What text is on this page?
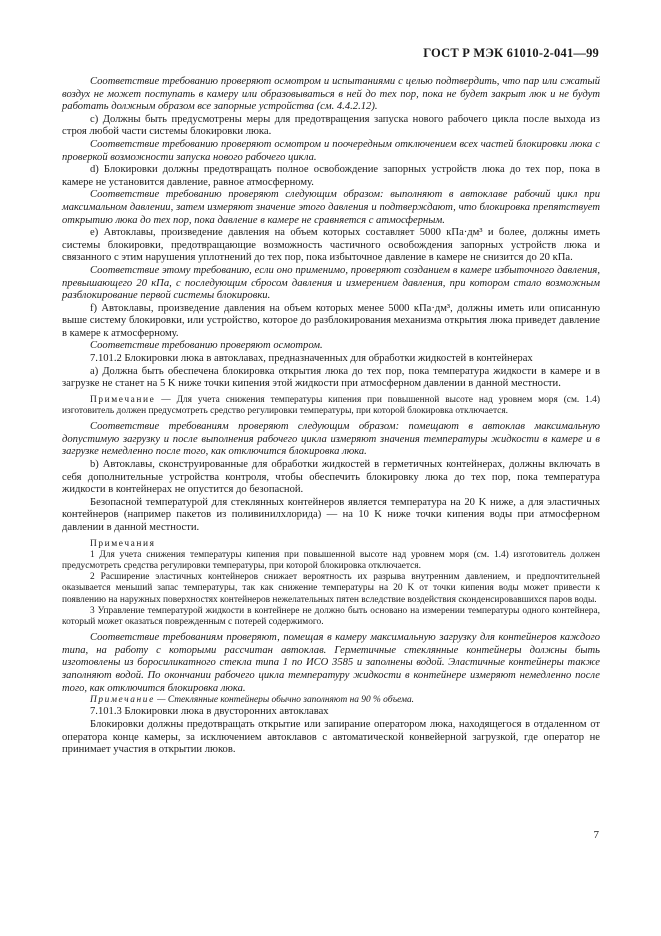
ГОСТ Р МЭК 61010-2-041—99

Соответствие требованию проверяют осмотром и испытаниями с целью подтвердить, что пар или сжатый воздух не может поступать в камеру или образовываться в ней до тех пор, пока не будет закрыт люк и не будут работать должным образом все запорные устройства (см. 4.4.2.12).

с) Должны быть предусмотрены меры для предотвращения запуска нового рабочего цикла после выхода из строя любой части системы блокировки люка.

Соответствие требованию проверяют осмотром и поочередным отключением всех частей блокировки люка с проверкой возможности запуска нового рабочего цикла.

d) Блокировки должны предотвращать полное освобождение запорных устройств люка до тех пор, пока в камере не установится давление, равное атмосферному.

Соответствие требованию проверяют следующим образом: выполняют в автоклаве рабочий цикл при максимальном давлении, затем измеряют значение этого давления и подтверждают, что блокировка препятствует открытию люка до тех пор, пока давление в камере не сравняется с атмосферным.

е) Автоклавы, произведение давления на объем которых составляет 5000 кПа·дм³ и более, должны иметь системы блокировки, предотвращающие возможность частичного освобождения запорных устройств люка и связанного с этим нарушения уплотнений до тех пор, пока избыточное давление в камере не снизится до 20 кПа.

Соответствие этому требованию, если оно применимо, проверяют созданием в камере избыточного давления, превышающего 20 кПа, с последующим сбросом давления и измерением давления, при котором стало возможным разблокирование первой системы блокировки.

f) Автоклавы, произведение давления на объем которых менее 5000 кПа·дм³, должны иметь или описанную выше систему блокировки, или устройство, которое до разблокирования механизма открытия люка приведет давление в камере к атмосферному.

Соответствие требованию проверяют осмотром.

7.101.2 Блокировки люка в автоклавах, предназначенных для обработки жидкостей в контейнерах

а) Должна быть обеспечена блокировка открытия люка до тех пор, пока температура жидкости в камере и в загрузке не станет на 5 K ниже точки кипения этой жидкости при атмосферном давлении в данной местности.

Примечание — Для учета снижения температуры кипения при повышенной высоте над уровнем моря (см. 1.4) изготовитель должен предусмотреть средство регулировки температуры, при которой блокировка отключается.

Соответствие требованиям проверяют следующим образом: помещают в автоклав максимальную допустимую загрузку и после выполнения рабочего цикла измеряют значения температуры жидкости в камере и в загрузке немедленно после того, как отключится блокировка люка.

b) Автоклавы, сконструированные для обработки жидкостей в герметичных контейнерах, должны включать в себя дополнительные устройства контроля, чтобы обеспечить блокировку люка до тех пор, пока температура жидкости в контейнерах не опустится до безопасной.

Безопасной температурой для стеклянных контейнеров является температура на 20 K ниже, а для эластичных контейнеров (например пакетов из поливинилхлорида) — на 10 K ниже точки кипения воды при атмосферном давлении в данной местности.

Примечания

1 Для учета снижения температуры кипения при повышенной высоте над уровнем моря (см. 1.4) изготовитель должен предусмотреть средства регулировки температуры, при которой блокировка отключается.

2 Расширение эластичных контейнеров снижает вероятность их разрыва внутренним давлением, и предпочтительней оказывается меньший запас температуры, так как снижение температуры на 20 K от точки кипения воды может привести к появлению на наружных поверхностях контейнеров нежелательных пятен вследствие воздействия сконденсировавшихся паров воды.

3 Управление температурой жидкости в контейнере не должно быть основано на измерении температуры одного контейнера, который может оказаться поврежденным с потерей содержимого.

Соответствие требованиям проверяют, помещая в камеру максимальную загрузку для контейнеров каждого типа, на работу с которыми рассчитан автоклав. Герметичные стеклянные контейнеры должны быть изготовлены из боросиликатного стекла типа 1 по ИСО 3585 и заполнены водой. Эластичные контейнеры также заполняют водой. По окончании рабочего цикла температуру жидкости в контейнере измеряют немедленно после того, как отключится блокировка люка.

Примечание — Стеклянные контейнеры обычно заполняют на 90 % объема.

7.101.3 Блокировки люка в двусторонних автоклавах

Блокировки должны предотвращать открытие или запирание оператором люка, находящегося в отдаленном от оператора конце камеры, за исключением автоклавов с автоматической конвейерной загрузкой, где оператор не принимает участия в открытии люков.

7
